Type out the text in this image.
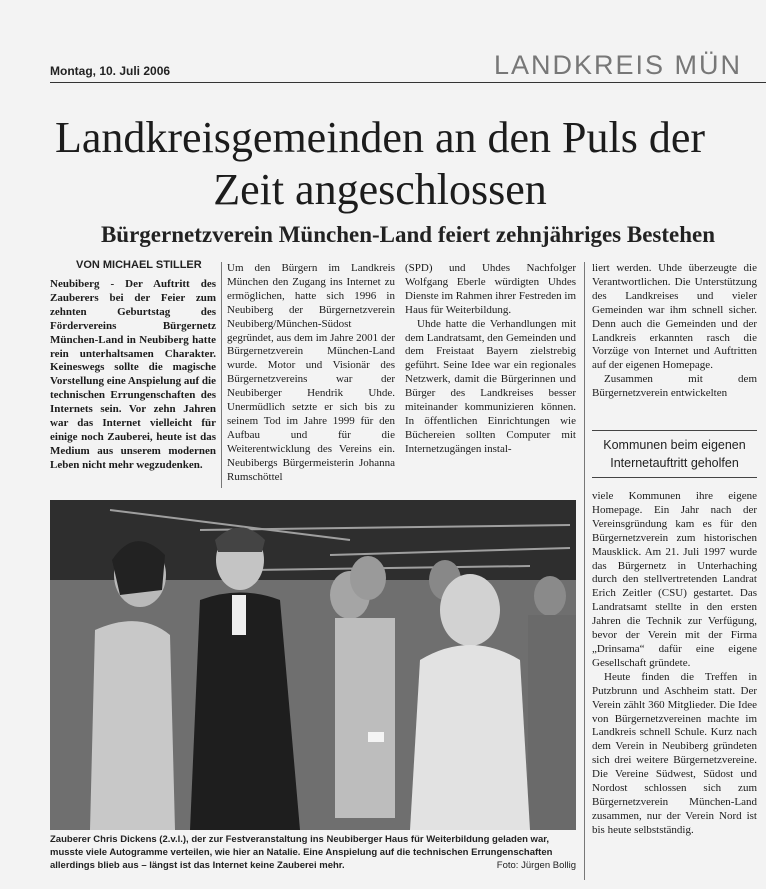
Montag, 10. Juli 2006	LANDKREIS MÜN
Landkreisgemeinden an den Puls der Zeit angeschlossen
Bürgernetzverein München-Land feiert zehnjähriges Bestehen
VON MICHAEL STILLER

Neubiberg - Der Auftritt des Zauberers bei der Feier zum zehnten Geburtstag des Fördervereins Bürgernetz München-Land in Neubiberg hatte rein unterhaltsamen Charakter. Keineswegs sollte die magische Vorstellung eine Anspielung auf die technischen Errungenschaften des Internets sein. Vor zehn Jahren war das Internet vielleicht für einige noch Zauberei, heute ist das Medium aus unserem modernen Leben nicht mehr wegzudenken.

Um den Bürgern im Landkreis München den Zugang ins Internet zu ermöglichen, hatte sich 1996 in Neubiberg der Bürgernetzverein Neubiberg/München-Südost gegründet, aus dem im Jahre 2001 der Bürgernetzverein München-Land wurde. Motor und Visionär des Bürgernetzvereins war der Neubiberger Hendrik Uhde. Unermüdlich setzte er sich bis zu seinem Tod im Jahre 1999 für den Aufbau und für die Weiterentwicklung des Vereins ein. Neubibergs Bürgermeisterin Johanna Rumschöttel

(SPD) und Uhdes Nachfolger Wolfgang Eberle würdigten Uhdes Dienste im Rahmen ihrer Festreden im Haus für Weiterbildung.

Uhde hatte die Verhandlungen mit dem Landratsamt, den Gemeinden und dem Freistaat Bayern zielstrebig geführt. Seine Idee war ein regionales Netzwerk, damit die Bürgerinnen und Bürger des Landkreises besser miteinander kommunizieren können. In öffentlichen Einrichtungen wie Büchereien sollten Computer mit Internetzugängen instal-

liert werden. Uhde überzeugte die Verantwortlichen. Die Unterstützung des Landkreises und vieler Gemeinden war ihm schnell sicher. Denn auch die Gemeinden und der Landkreis erkannten rasch die Vorzüge von Internet und Auftritten auf der eigenen Homepage.

Zusammen mit dem Bürgernetzverein entwickelten

Kommunen beim eigenen Internetauftritt geholfen

viele Kommunen ihre eigene Homepage. Ein Jahr nach der Vereinsgründung kam es für den Bürgernetzverein zum historischen Mausklick. Am 21. Juli 1997 wurde das Bürgernetz in Unterhaching durch den stellvertretenden Landrat Erich Zeitler (CSU) gestartet. Das Landratsamt stellte in den ersten Jahren die Technik zur Verfügung, bevor der Verein mit der Firma „Drinsama“ dafür eine eigene Gesellschaft gründete.

Heute finden die Treffen in Putzbrunn und Aschheim statt. Der Verein zählt 360 Mitglieder. Die Idee von Bürgernetzvereinen machte im Landkreis schnell Schule. Kurz nach dem Verein in Neubiberg gründeten sich drei weitere Bürgernetzvereine. Die Vereine Südwest, Südost und Nordost schlossen sich zum Bürgernetzverein München-Land zusammen, nur der Verein Nord ist bis heute selbstständig.

Zauberer Chris Dickens (2.v.l.), der zur Festveranstaltung ins Neubiberger Haus für Weiterbildung geladen war, musste viele Autogramme verteilen, wie hier an Natalie. Eine Anspielung auf die technischen Errungenschaften allerdings blieb aus – längst ist das Internet keine Zauberei mehr.	Foto: Jürgen Bollig
